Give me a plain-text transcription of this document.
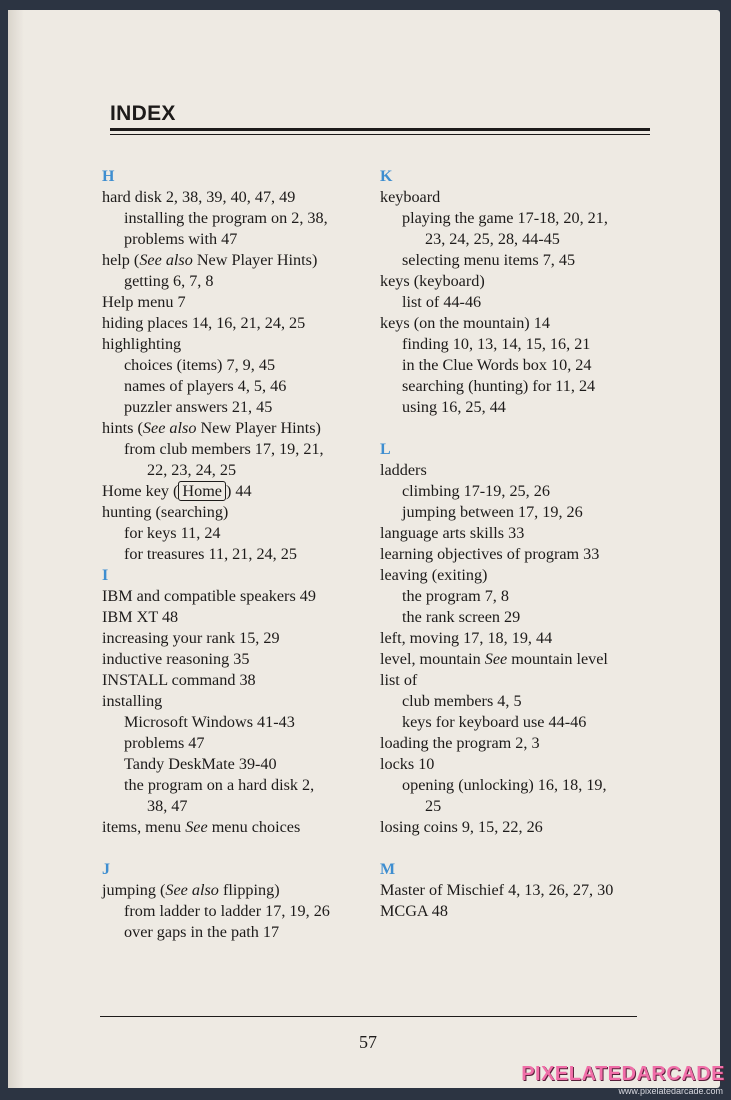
INDEX
H
hard disk 2, 38, 39, 40, 47, 49
installing the program on 2, 38,
problems with 47
help (See also New Player Hints)
getting 6, 7, 8
Help menu 7
hiding places 14, 16, 21, 24, 25
highlighting
choices (items) 7, 9, 45
names of players 4, 5, 46
puzzler answers 21, 45
hints (See also New Player Hints)
from club members 17, 19, 21,
22, 23, 24, 25
Home key ( Home ) 44
hunting (searching)
for keys 11, 24
for treasures 11, 21, 24, 25
I
IBM and compatible speakers 49
IBM XT 48
increasing your rank 15, 29
inductive reasoning 35
INSTALL command 38
installing
Microsoft Windows 41-43
problems 47
Tandy DeskMate 39-40
the program on a hard disk 2,
38, 47
items, menu See menu choices

J
jumping (See also flipping)
from ladder to ladder 17, 19, 26
over gaps in the path 17
K
keyboard
playing the game 17-18, 20, 21,
23, 24, 25, 28, 44-45
selecting menu items 7, 45
keys (keyboard)
list of 44-46
keys (on the mountain) 14
finding 10, 13, 14, 15, 16, 21
in the Clue Words box 10, 24
searching (hunting) for 11, 24
using 16, 25, 44

L
ladders
climbing 17-19, 25, 26
jumping between 17, 19, 26
language arts skills 33
learning objectives of program 33
leaving (exiting)
the program 7, 8
the rank screen 29
left, moving 17, 18, 19, 44
level, mountain See mountain level
list of
club members 4, 5
keys for keyboard use 44-46
loading the program 2, 3
locks 10
opening (unlocking) 16, 18, 19,
25
losing coins 9, 15, 22, 26

M
Master of Mischief 4, 13, 26, 27, 30
MCGA 48
57
PIXELATEDARCADE
www.pixelatedarcade.com
